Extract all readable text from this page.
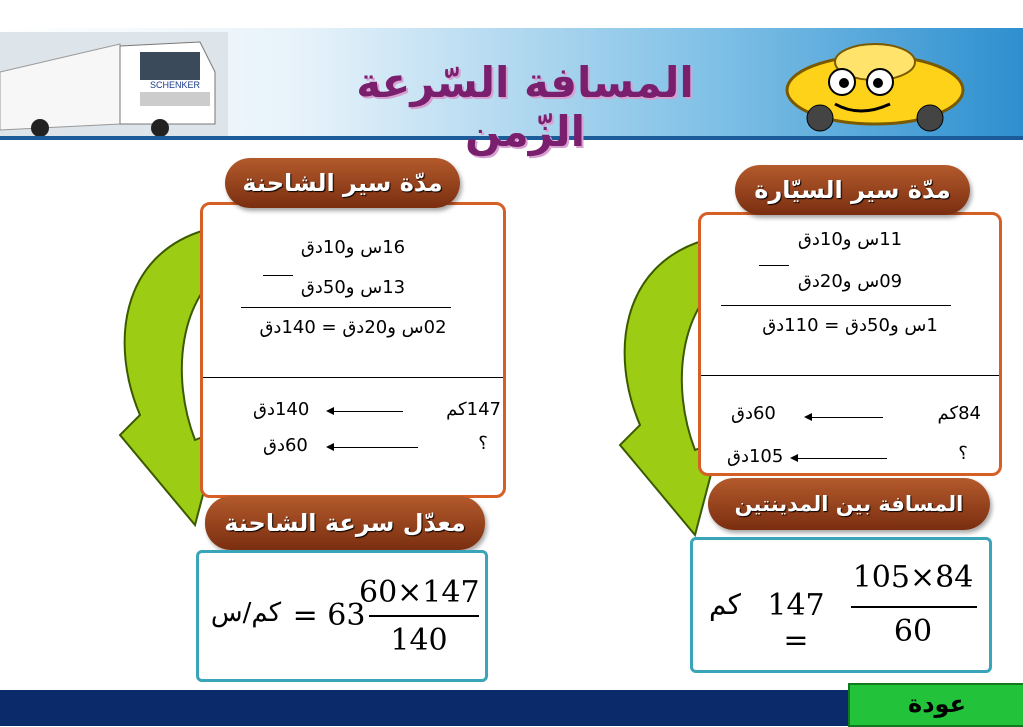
SCHENKER	المسافة السّرعة الزّمن
16س و10دق
13س و50دق
02س و20دق = 140دق
147كم
140دق
؟
60دق
مدّة سير الشاحنة
معدّل سرعة الشاحنة
60×147
140
= 63
كم/س
11س و10دق
09س و20دق
1س و50دق = 110دق
84كم
60دق
؟
105دق
مدّة سير السيّارة
المسافة بين المدينتين
105×84
60
147 =
كم
عودة
